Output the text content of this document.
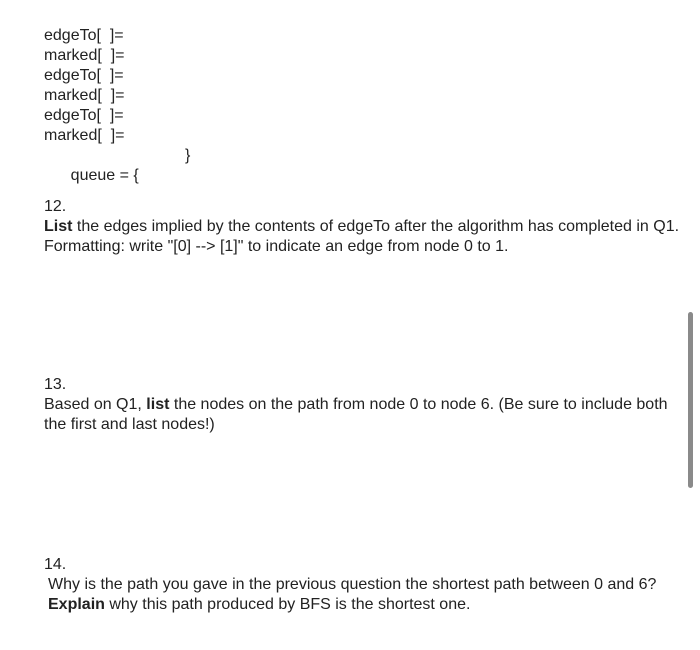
edgeTo[  ]=
marked[  ]=
edgeTo[  ]=
marked[  ]=
edgeTo[  ]=
marked[  ]=

queue = {

}

12.
List the edges implied by the contents of edgeTo after the algorithm has completed in Q1. Formatting: write "[0] --> [1]" to indicate an edge from node 0 to 1.
13.
Based on Q1, list the nodes on the path from node 0 to node 6. (Be sure to include both the first and last nodes!)
14.
Why is the path you gave in the previous question the shortest path between 0 and 6? Explain why this path produced by BFS is the shortest one.
